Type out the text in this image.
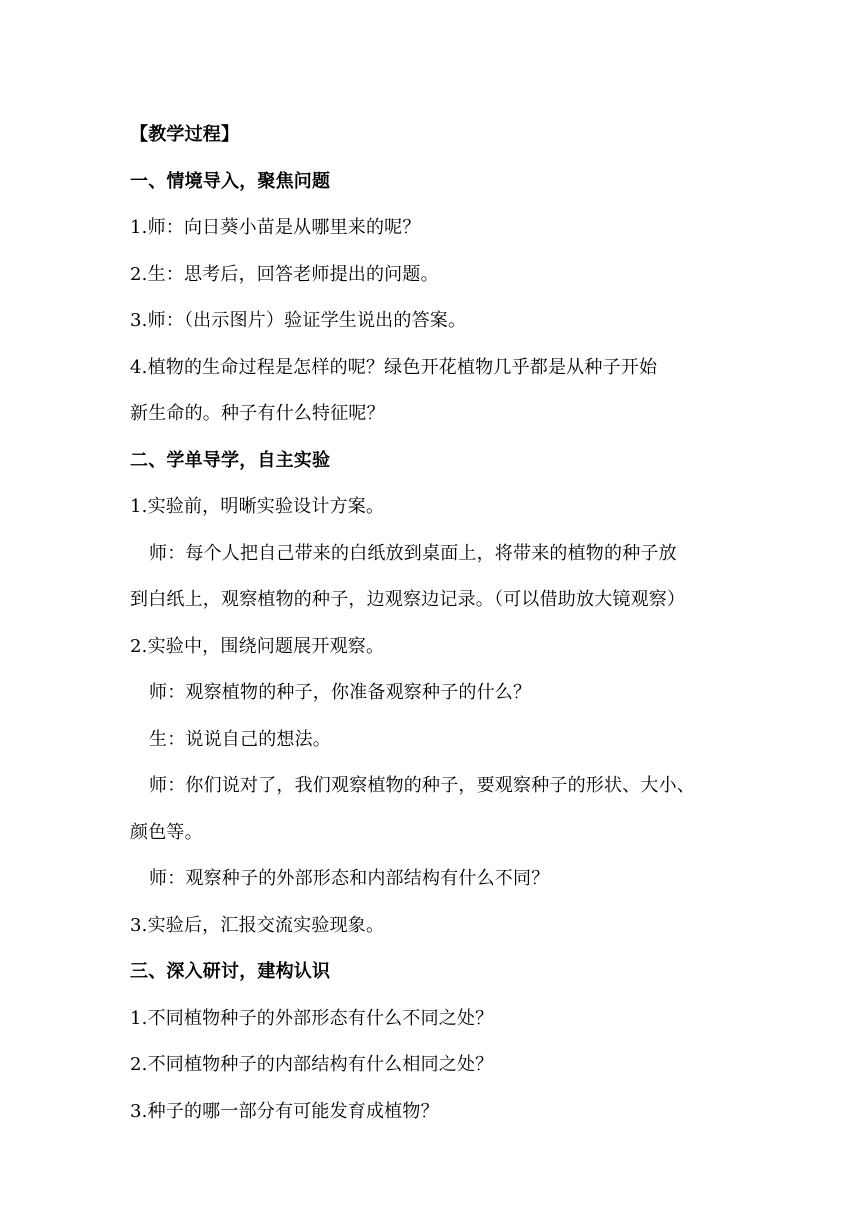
【教学过程】
一、情境导入，聚焦问题
1.师：向日葵小苗是从哪里来的呢？
2.生：思考后，回答老师提出的问题。
3.师：（出示图片）验证学生说出的答案。
4.植物的生命过程是怎样的呢？绿色开花植物几乎都是从种子开始
新生命的。种子有什么特征呢？
二、学单导学，自主实验
1.实验前，明晰实验设计方案。
师：每个人把自己带来的白纸放到桌面上，将带来的植物的种子放
到白纸上，观察植物的种子，边观察边记录。（可以借助放大镜观察）
2.实验中，围绕问题展开观察。
师：观察植物的种子，你准备观察种子的什么？
生：说说自己的想法。
师：你们说对了，我们观察植物的种子，要观察种子的形状、大小、
颜色等。
师：观察种子的外部形态和内部结构有什么不同？
3.实验后，汇报交流实验现象。
三、深入研讨，建构认识
1.不同植物种子的外部形态有什么不同之处？
2.不同植物种子的内部结构有什么相同之处？
3.种子的哪一部分有可能发育成植物？
